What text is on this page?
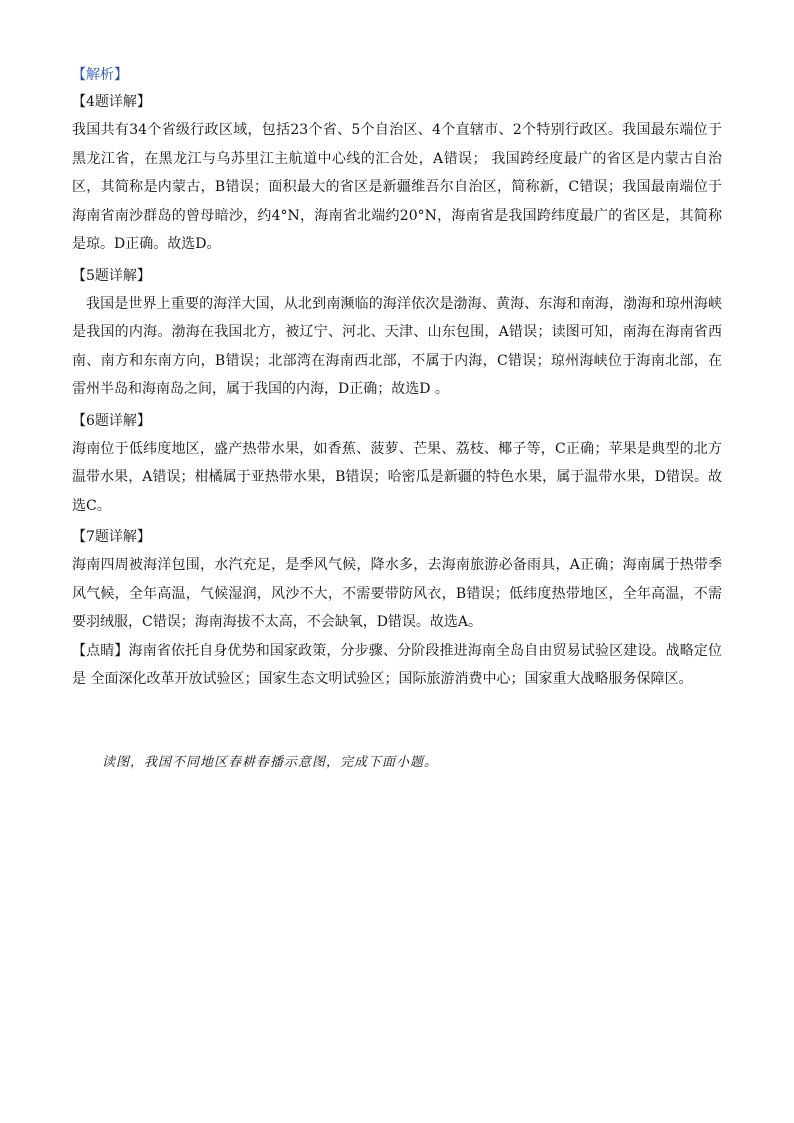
【解析】
【4题详解】
我国共有34个省级行政区域，包括23个省、5个自治区、4个直辖市、2个特别行政区。我国最东端位于黑龙江省，在黑龙江与乌苏里江主航道中心线的汇合处，A错误； 我国跨经度最广的省区是内蒙古自治区，其简称是内蒙古，B错误；面积最大的省区是新疆维吾尔自治区，简称新，C错误；我国最南端位于海南省南沙群岛的曾母暗沙，约4°N，海南省北端约20°N，海南省是我国跨纬度最广的省区是，其简称是琼。D正确。故选D。
【5题详解】
我国是世界上重要的海洋大国，从北到南濒临的海洋依次是渤海、黄海、东海和南海，渤海和琼州海峡是我国的内海。渤海在我国北方，被辽宁、河北、天津、山东包围，A错误；读图可知，南海在海南省西南、南方和东南方向，B错误；北部湾在海南西北部，不属于内海，C错误；琼州海峡位于海南北部，在雷州半岛和海南岛之间，属于我国的内海，D正确；故选D 。
【6题详解】
海南位于低纬度地区，盛产热带水果，如香蕉、菠萝、芒果、荔枝、椰子等，C正确；苹果是典型的北方温带水果，A错误；柑橘属于亚热带水果，B错误；哈密瓜是新疆的特色水果，属于温带水果，D错误。故选C。
【7题详解】
海南四周被海洋包围，水汽充足，是季风气候，降水多，去海南旅游必备雨具，A正确；海南属于热带季风气候，全年高温，气候湿润，风沙不大，不需要带防风衣，B错误；低纬度热带地区，全年高温，不需要羽绒服，C错误；海南海拔不太高，不会缺氧，D错误。故选A。
【点睛】海南省依托自身优势和国家政策，分步骤、分阶段推进海南全岛自由贸易试验区建设。战略定位是 全面深化改革开放试验区；国家生态文明试验区；国际旅游消费中心；国家重大战略服务保障区。
读图，我国不同地区春耕春播示意图，完成下面小题。
